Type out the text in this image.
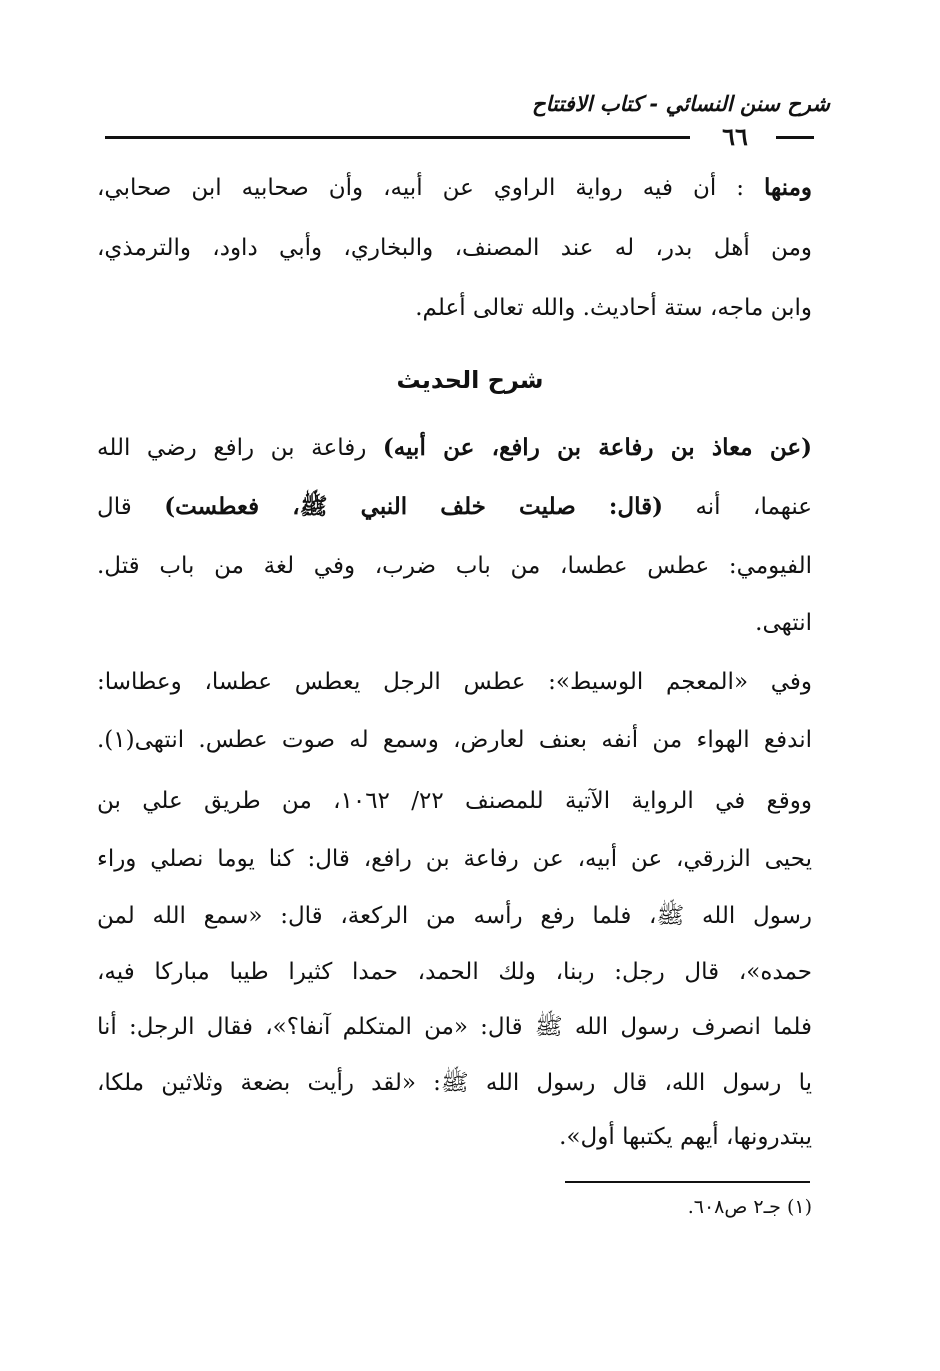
شرح سنن النسائي - كتاب الافتتاح
٦٦
ومنها : أن فيه رواية الراوي عن أبيه، وأن صحابيه ابن صحابي،
ومن أهل بدر، له عند المصنف، والبخاري، وأبي داود، والترمذي،
وابن ماجه، ستة أحاديث. والله تعالى أعلم.
شرح الحديث
(عن معاذ بن رفاعة بن رافع، عن أبيه) رفاعة بن رافع رضي الله
عنهما، أنه (قال: صليت خلف النبي ﷺ، فعطست) قال
الفيومي: عطس عطسا، من باب ضرب، وفي لغة من باب قتل.
انتهى.
وفي «المعجم الوسيط»: عطس الرجل يعطس عطسا، وعطاسا:
اندفع الهواء من أنفه بعنف لعارض، وسمع له صوت عطس. انتهى(١).
ووقع في الرواية الآتية للمصنف ٢٢/ ١٠٦٢، من طريق علي بن
يحيى الزرقي، عن أبيه، عن رفاعة بن رافع، قال: كنا يوما نصلي وراء
رسول الله ﷺ، فلما رفع رأسه من الركعة، قال: «سمع الله لمن
حمده»، قال رجل: ربنا، ولك الحمد، حمدا كثيرا طيبا مباركا فيه،
فلما انصرف رسول الله ﷺ قال: «من المتكلم آنفا؟»، فقال الرجل: أنا
يا رسول الله، قال رسول الله ﷺ: «لقد رأيت بضعة وثلاثين ملكا،
يبتدرونها، أيهم يكتبها أول».
(١) جـ٢ ص٦٠٨.
